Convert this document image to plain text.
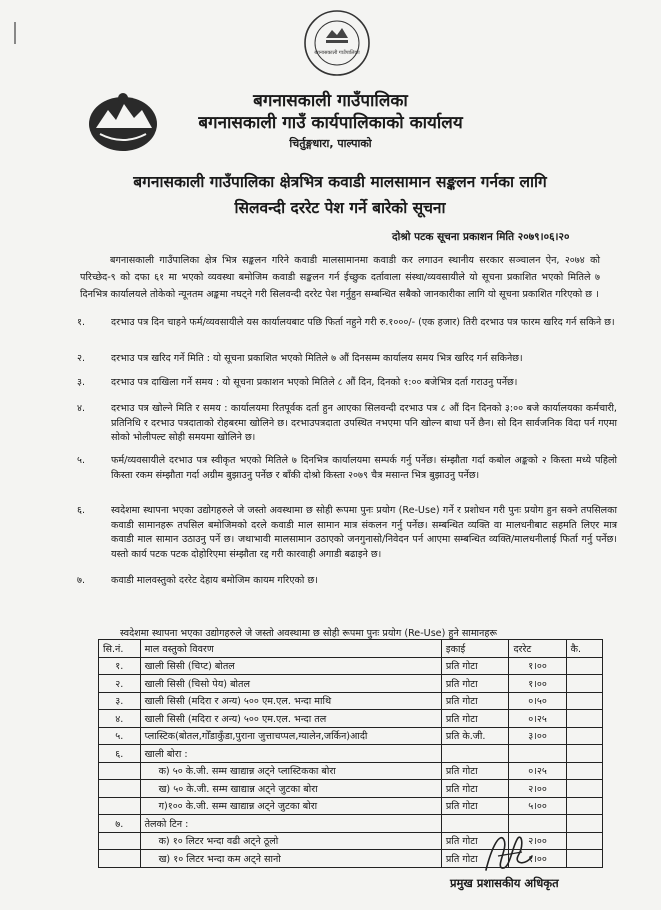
बगनासकाली गाउँपालिका
बगनासकाली गाउँपालिका
बगनासकाली गाउँ कार्यपालिकाको कार्यालय
चिर्तुङ्गधारा, पाल्पाको
बगनासकाली गाउँपालिका क्षेत्रभित्र कवाडी मालसामान सङ्कलन गर्नका लागि
सिलवन्दी दररेट पेश गर्ने बारेको सूचना
दोश्रो पटक सूचना प्रकाशन मिति २०७९।०६।२०

बगनासकाली गाउँपालिका क्षेत्र भित्र सङ्कलन गरिने कवाडी मालसामानमा कवाडी कर लगाउन स्थानीय सरकार सञ्चालन ऐन, २०७४ को परिच्छेद-९ को दफा ६१ मा भएको व्यवस्था बमोजिम कवाडी सङ्कलन गर्न ईच्छुक दर्तावाला संस्था/व्यवसायीले यो सूचना प्रकाशित भएको मितिले ७ दिनभित्र कार्यालयले तोकेको न्यूनतम अङ्कमा नघट्ने गरी सिलवन्दी दररेट पेश गर्नुहुन सम्बन्धित सबैको जानकारीका लागि यो सूचना प्रकाशित गरिएको छ ।

१.	दरभाउ पत्र दिन चाहने फर्म/व्यवसायीले यस कार्यालयबाट पछि फिर्ता नहुने गरी रु.१०००/- (एक हजार) तिरी दरभाउ पत्र फारम खरिद गर्न सकिने छ।
२.	दरभाउ पत्र खरिद गर्ने मिति : यो सूचना प्रकाशित भएको मितिले ७ औं दिनसम्म कार्यालय समय भित्र खरिद गर्न सकिनेछ।
३.	दरभाउ पत्र दाखिला गर्ने समय : यो सूचना प्रकाशन भएको मितिले ८ औं दिन, दिनको १:०० बजेभित्र दर्ता गराउनु पर्नेछ।
४.	दरभाउ पत्र खोल्ने मिति र समय : कार्यालयमा रितपूर्वक दर्ता हुन आएका सिलवन्दी दरभाउ पत्र ८ औं दिन दिनको ३:०० बजे कार्यालयका कर्मचारी, प्रतिनिधि र दरभाउ पत्रदाताको रोहबरमा खोलिने छ। दरभाउपत्रदाता उपस्थित नभएमा पनि खोल्न बाधा पर्ने छैन। सो दिन सार्वजनिक विदा पर्न गएमा सोको भोलीपल्ट सोही समयमा खोलिने छ।
५.	फर्म/व्यवसायीले दरभाउ पत्र स्वीकृत भएको मितिले ७ दिनभित्र कार्यालयमा सम्पर्क गर्नु पर्नेछ। संम्झौता गर्दा कबोल अङ्कको २ किस्ता मध्ये पहिलो किस्ता रकम संम्झौता गर्दा अग्रीम बुझाउनु पर्नेछ र बाँकी दोश्रो किस्ता २०७९ चैत्र मसान्त भित्र बुझाउनु पर्नेछ।
६.	स्वदेशमा स्थापना भएका उद्योगहरुले जे जस्तो अवस्थामा छ सोही रूपमा पुनः प्रयोग (Re-Use) गर्ने र प्रशोधन गरी पुनः प्रयोग हुन सक्ने तपसिलका कवाडी सामानहरू तपसिल बमोजिमको दरले कवाडी माल सामान मात्र संकलन गर्नु पर्नेछ। सम्बन्धित व्यक्ति वा मालधनीबाट सहमति लिएर मात्र कवाडी माल सामान उठाउनु पर्ने छ। जथाभावी मालसामान उठाएको जनगुनासो/निवेदन पर्न आएमा सम्बन्धित व्यक्ति/मालधनीलाई फिर्ता गर्नु पर्नेछ। यस्तो कार्य पटक पटक दोहोरिएमा संम्झौता रद्द गरी कारवाही अगाडी बढाइने छ।
७.	कवाडी मालवस्तुको दररेट देहाय बमोजिम कायम गरिएको छ।
स्वदेशमा स्थापना भएका उद्योगहरुले जे जस्तो अवस्थामा छ सोही रूपमा पुनः प्रयोग (Re-Use) हुने सामानहरू
सि.नं.	माल वस्तुको विवरण	इकाई	दररेट	कै.
१.	खाली सिसी (चिप्ट) बोतल	प्रति गोटा	१।००	
२.	खाली सिसी (चिसो पेय) बोतल	प्रति गोटा	१।००	
३.	खाली सिसी (मदिरा र अन्य) ५०० एम.एल. भन्दा माथि	प्रति गोटा	०।५०	
४.	खाली सिसी (मदिरा र अन्य) ५०० एम.एल. भन्दा तल	प्रति गोटा	०।२५	
५.	प्लास्टिक(बोतल,गोँडाकुँडा,पुराना जुत्ताचप्पल,ग्यालेन,जर्किन)आदी	प्रति के.जी.	३।००	
६.	खाली बोरा :			
	क) ५० के.जी. सम्म खाद्यान्न अट्ने प्लास्टिकका बोरा	प्रति गोटा	०।२५	
	ख) ५० के.जी. सम्म खाद्यान्न अट्ने जुटका बोरा	प्रति गोटा	२।००	
	ग)१०० के.जी. सम्म खाद्यान्न अट्ने जुटका बोरा	प्रति गोटा	५।००	
७.	तेलको टिन :			
	क) १० लिटर भन्दा वढी अट्ने ठूलो	प्रति गोटा	२।००	
	ख) १० लिटर भन्दा कम अट्ने सानो	प्रति गोटा	१।००	
प्रमुख प्रशासकीय अधिकृत
